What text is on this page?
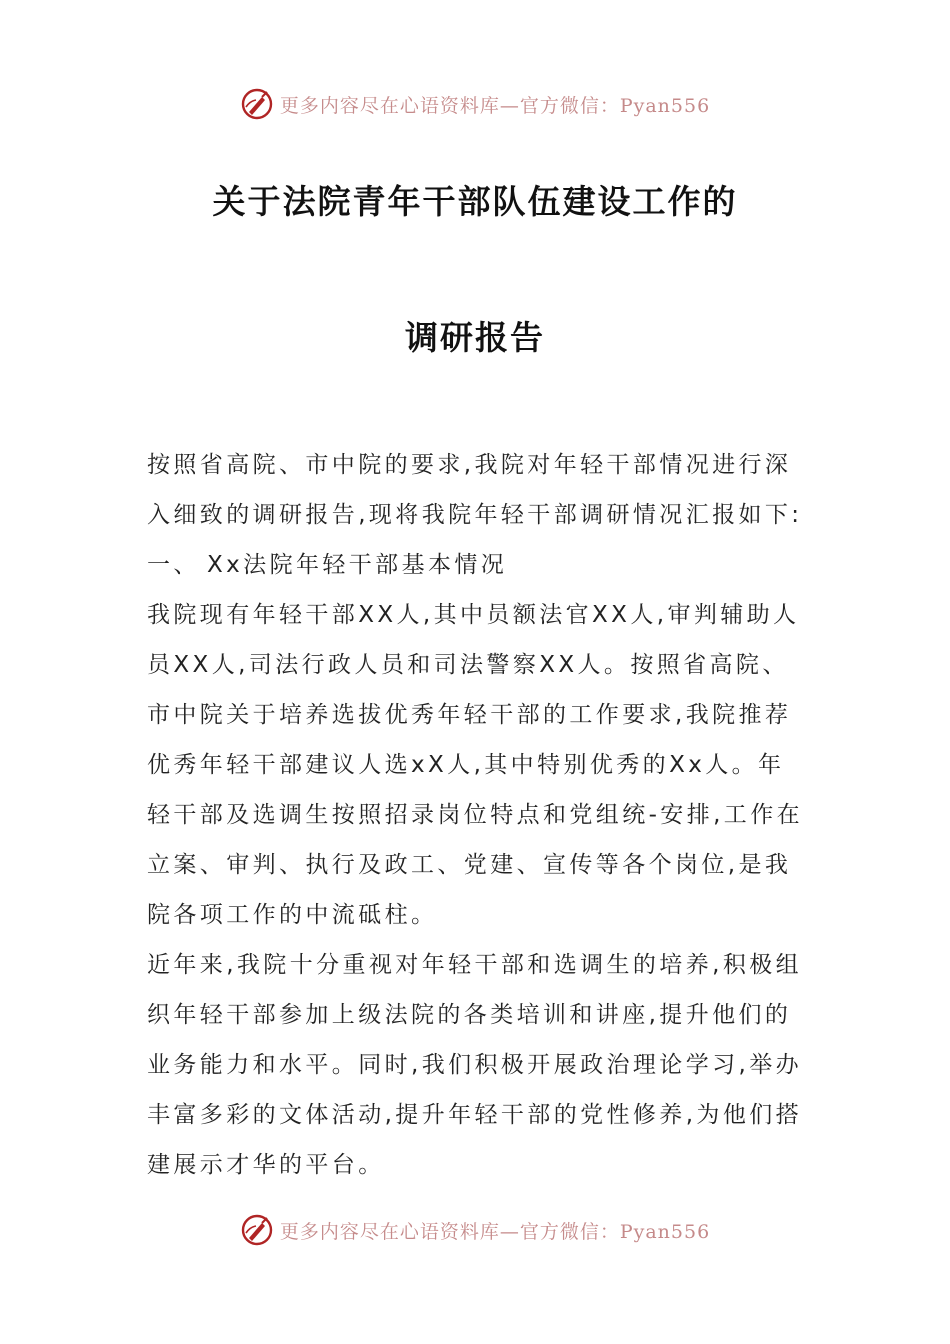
更多内容尽在心语资料库—官方微信：Pyan556
关于法院青年干部队伍建设工作的
调研报告

按照省高院、市中院的要求,我院对年轻干部情况进行深入细致的调研报告,现将我院年轻干部调研情况汇报如下:

一、 Xx法院年轻干部基本情况

我院现有年轻干部XX人,其中员额法官XX人,审判辅助人员XX人,司法行政人员和司法警察XX人。按照省高院、市中院关于培养选拔优秀年轻干部的工作要求,我院推荐优秀年轻干部建议人选xX人,其中特别优秀的Xx人。年轻干部及选调生按照招录岗位特点和党组统-安排,工作在立案、审判、执行及政工、党建、宣传等各个岗位,是我院各项工作的中流砥柱。

近年来,我院十分重视对年轻干部和选调生的培养,积极组织年轻干部参加上级法院的各类培训和讲座,提升他们的业务能力和水平。同时,我们积极开展政治理论学习,举办丰富多彩的文体活动,提升年轻干部的党性修养,为他们搭建展示才华的平台。

更多内容尽在心语资料库—官方微信：Pyan556
